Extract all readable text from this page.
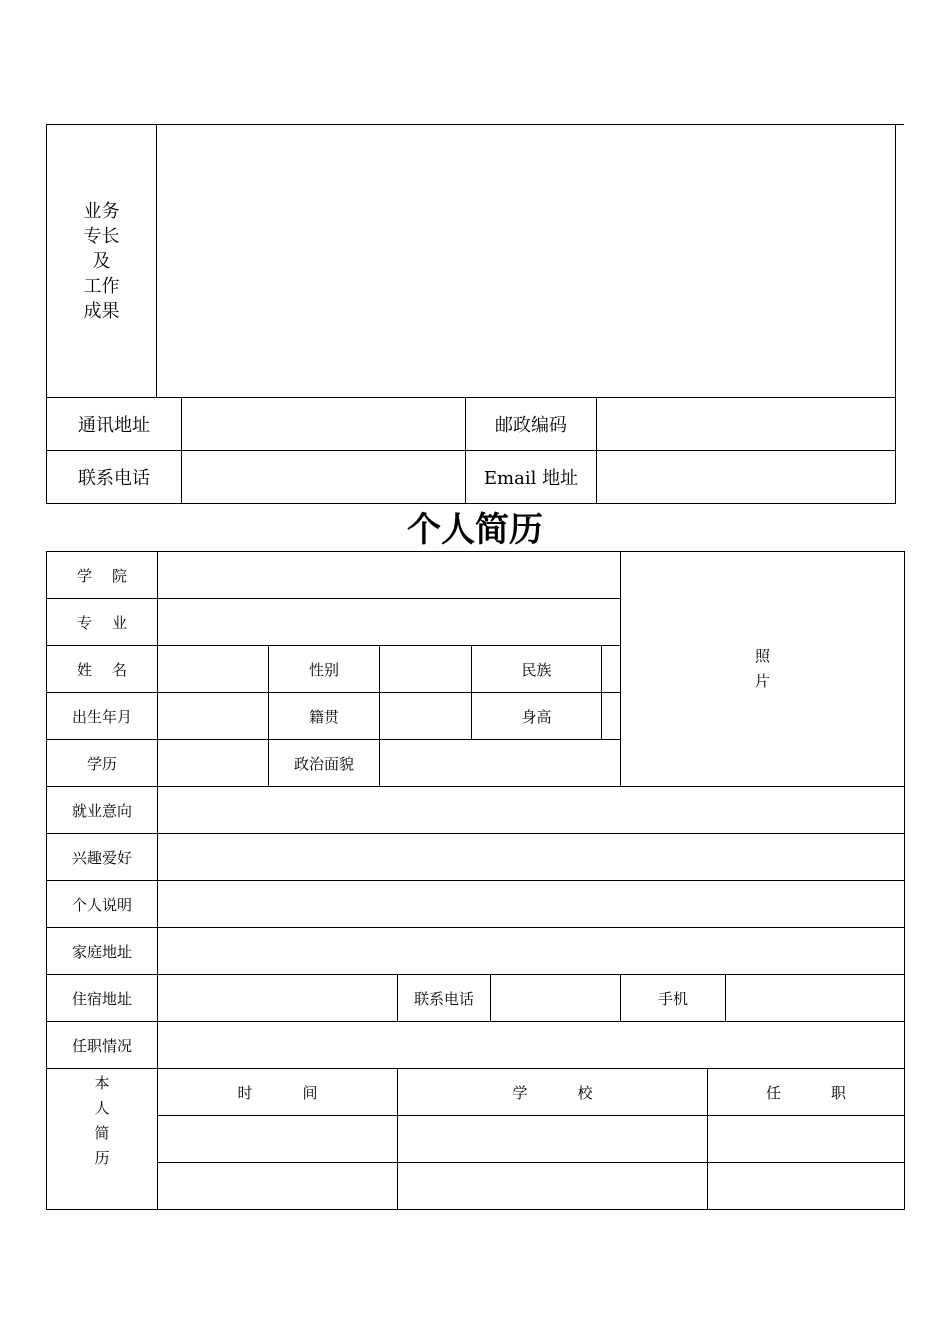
业务
专长
及
工作
成果				

通讯地址			邮政编码	
联系电话			Email 地址	
个人简历
学 院								照
片		

专 业										
姓 名		性别			民族					
出生年月		籍贯			身高					
学历		政治面貌								
就业意向										
兴趣爱好										
个人说明										
家庭地址										
住宿地址				联系电话				手机		
任职情况										

本
人
简
历	时 间			学 校					任 职	
